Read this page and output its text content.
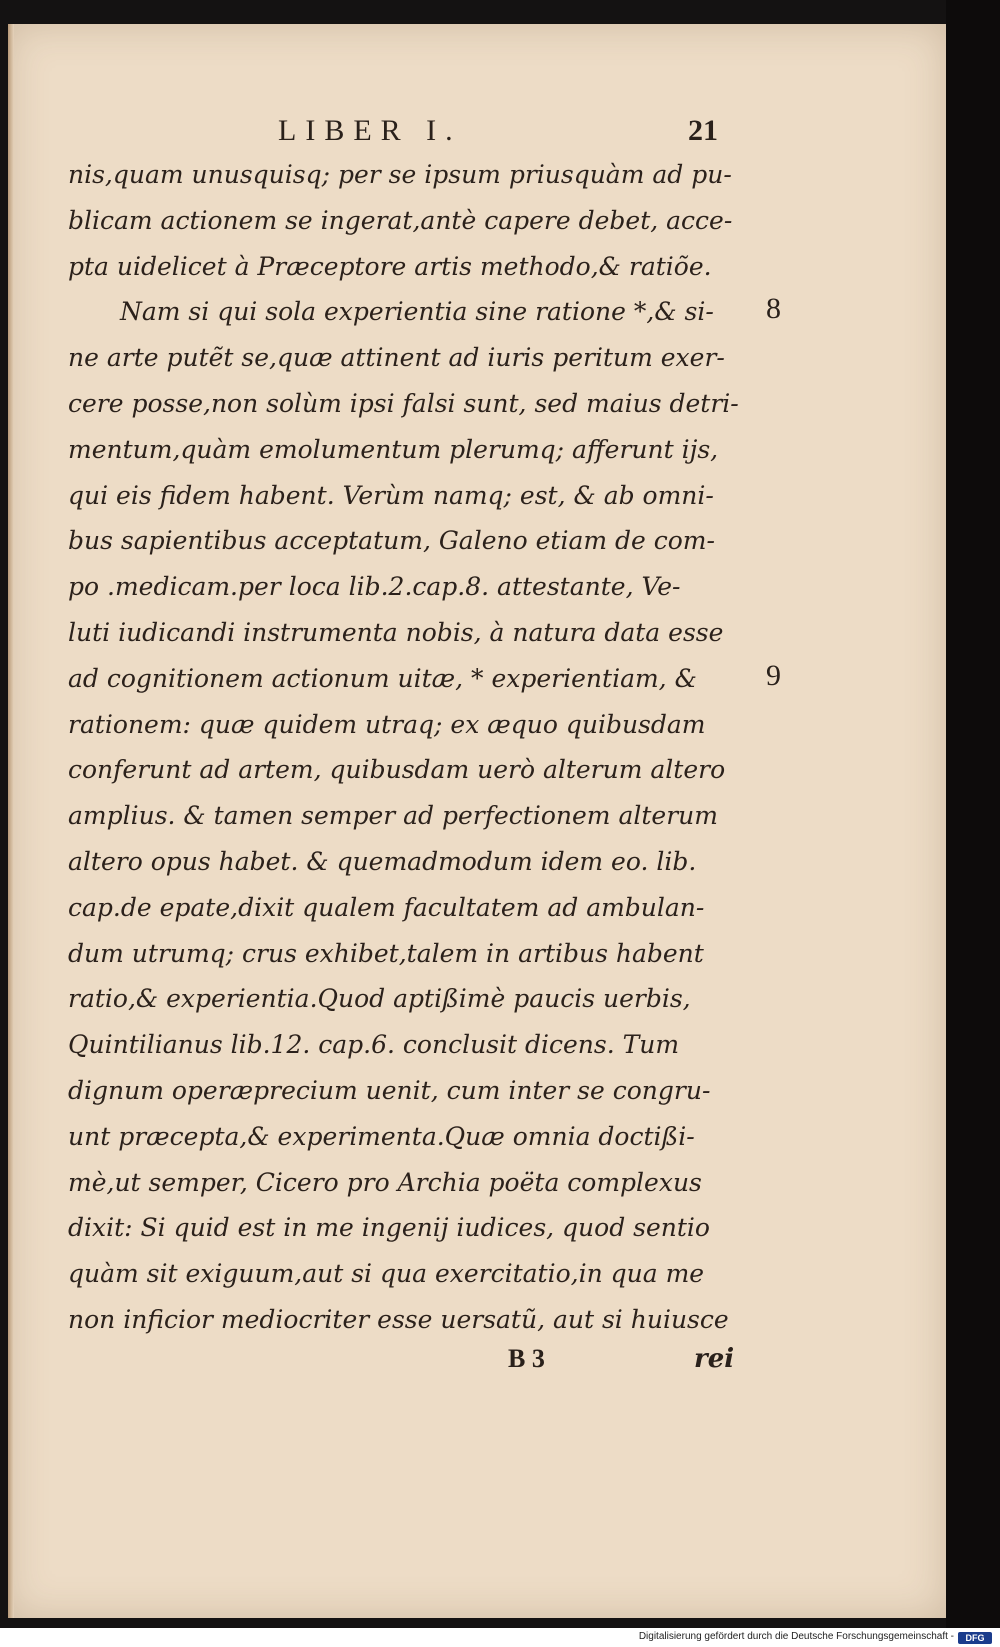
LIBER I.	21
nis,quam unusquisq; per se ipsum priusquàm ad pu-
blicam actionem se ingerat,antè capere debet, acce-
pta uidelicet à Præceptore artis methodo,& ratiõe.
Nam si qui sola experientia sine ratione *,& si-
ne arte putẽt se,quæ attinent ad iuris peritum exer-
cere posse,non solùm ipsi falsi sunt, sed maius detri-
mentum,quàm emolumentum plerumq; afferunt ijs,
qui eis fidem habent. Verùm namq; est, & ab omni-
bus sapientibus acceptatum, Galeno etiam de com-
po .medicam.per loca lib.2.cap.8. attestante, Ve-
luti iudicandi instrumenta nobis, à natura data esse
ad cognitionem actionum uitæ, * experientiam, &
rationem: quæ quidem utraq; ex æquo quibusdam
conferunt ad artem, quibusdam uerò alterum altero
amplius. & tamen semper ad perfectionem alterum
altero opus habet. & quemadmodum idem eo. lib.
cap.de epate,dixit qualem facultatem ad ambulan-
dum utrumq; crus exhibet,talem in artibus habent
ratio,& experientia.Quod aptißimè paucis uerbis,
Quintilianus lib.12. cap.6. conclusit dicens. Tum
dignum operæprecium uenit, cum inter se congru-
unt præcepta,& experimenta.Quæ omnia doctißi-
mè,ut semper, Cicero pro Archia poëta complexus
dixit: Si quid est in me ingenij iudices, quod sentio
quàm sit exiguum,aut si qua exercitatio,in qua me
non inficior mediocriter esse uersatũ, aut si huiusce
8
9
B 3	rei
Digitalisierung gefördert durch die Deutsche Forschungsgemeinschaft -	DFG
